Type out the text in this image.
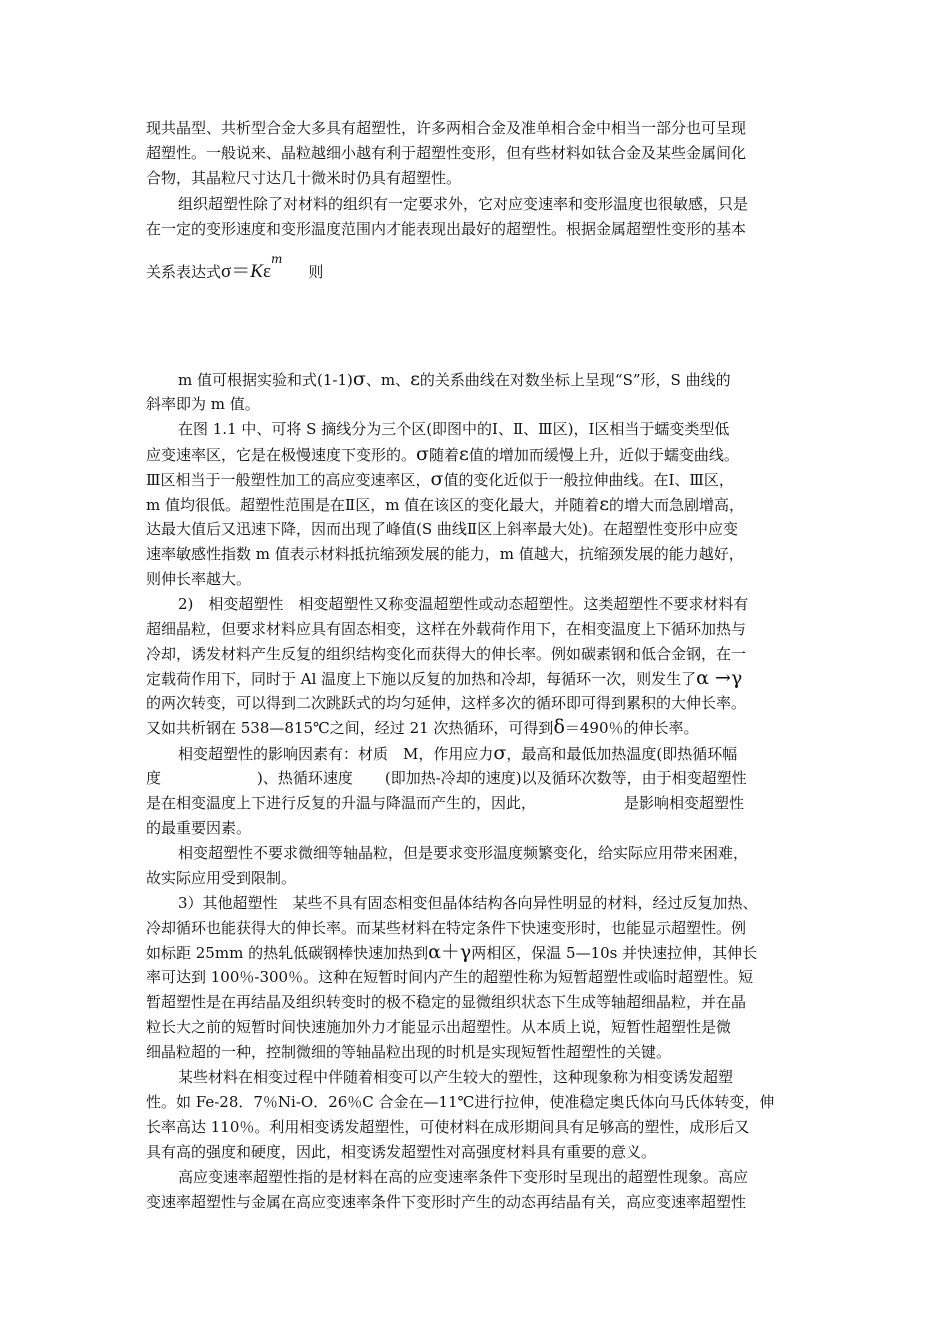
现共晶型、共析型合金大多具有超塑性，许多两相合金及准单相合金中相当一部分也可呈现
超塑性。一般说来、晶粒越细小越有利于超塑性变形，但有些材料如钛合金及某些金属间化
合物，其晶粒尺寸达几十微米时仍具有超塑性。
组织超塑性除了对材料的组织有一定要求外，它对应变速率和变形温度也很敏感，只是
在一定的变形速度和变形温度范围内才能表现出最好的超塑性。根据金属超塑性变形的基本
关系表达式$\sigma=K\varepsilon^m$则
m 值可根据实验和式(1-1)σ、m、ε的关系曲线在对数坐标上呈现“S”形，S 曲线的
斜率即为 m 值。
在图 1.1 中、可将 S 摘线分为三个区(即图中的Ⅰ、Ⅱ、Ⅲ区)，Ⅰ区相当于蠕变类型低
应变速率区，它是在极慢速度下变形的。σ随着ε值的增加而缓慢上升，近似于蠕变曲线。
Ⅲ区相当于一般塑性加工的高应变速率区，σ值的变化近似于一般拉伸曲线。在Ⅰ、Ⅲ区，
m 值均很低。超塑性范围是在Ⅱ区，m 值在该区的变化最大，并随着ε的增大而急剧增高，
达最大值后又迅速下降，因而出现了峰值(S 曲线Ⅱ区上斜率最大处)。在超塑性变形中应变
速率敏感性指数 m 值表示材料抵抗缩颈发展的能力，m 值越大，抗缩颈发展的能力越好，
则伸长率越大。
2)　相变超塑性　相变超塑性又称变温超塑性或动态超塑性。这类超塑性不要求材料有
超细晶粒，但要求材料应具有固态相变，这样在外载荷作用下，在相变温度上下循环加热与
冷却，诱发材料产生反复的组织结构变化而获得大的伸长率。例如碳素钢和低合金钢，在一
定载荷作用下，同时于 Al 温度上下施以反复的加热和冷却，每循环一次，则发生了α →γ
的两次转变，可以得到二次跳跃式的均匀延伸，这样多次的循环即可得到累积的大伸长率。
又如共析钢在 538—815℃之间，经过 21 次热循环，可得到δ＝490％的伸长率。
相变超塑性的影响因素有：材质　M，作用应力σ，最高和最低加热温度(即热循环幅
度	)、热循环速度 (即加热-冷却的速度)以及循环次数等，由于相变超塑性
是在相变温度上下进行反复的升温与降温而产生的，因此，	是影响相变超塑性
的最重要因素。
相变超塑性不要求微细等轴晶粒，但是要求变形温度频繁变化，给实际应用带来困难，
故实际应用受到限制。
3）其他超塑性　某些不具有固态相变但晶体结构各向异性明显的材料，经过反复加热、
冷却循环也能获得大的伸长率。而某些材料在特定条件下快速变形时，也能显示超塑性。例
如标距 25mm 的热轧低碳钢棒快速加热到α＋γ两相区，保温 5—10s 并快速拉伸，其伸长
率可达到 100％-300％。这种在短暂时间内产生的超塑性称为短暂超塑性或临时超塑性。短
暂超塑性是在再结晶及组织转变时的极不稳定的显微组织状态下生成等轴超细晶粒，并在晶
粒长大之前的短暂时间快速施加外力才能显示出超塑性。从本质上说，短暂性超塑性是微
细晶粒超的一种，控制微细的等轴晶粒出现的时机是实现短暂性超塑性的关键。
某些材料在相变过程中伴随着相变可以产生较大的塑性，这种现象称为相变诱发超塑
性。如 Fe-28．7％Ni-O．26％C 合金在—11℃进行拉伸，使准稳定奥氏体向马氏体转变，伸
长率高达 110％。利用相变诱发超塑性，可使材料在成形期间具有足够高的塑性，成形后又
具有高的强度和硬度，因此，相变诱发超塑性对高强度材料具有重要的意义。
高应变速率超塑性指的是材料在高的应变速率条件下变形时呈现出的超塑性现象。高应
变速率超塑性与金属在高应变速率条件下变形时产生的动态再结晶有关，高应变速率超塑性
